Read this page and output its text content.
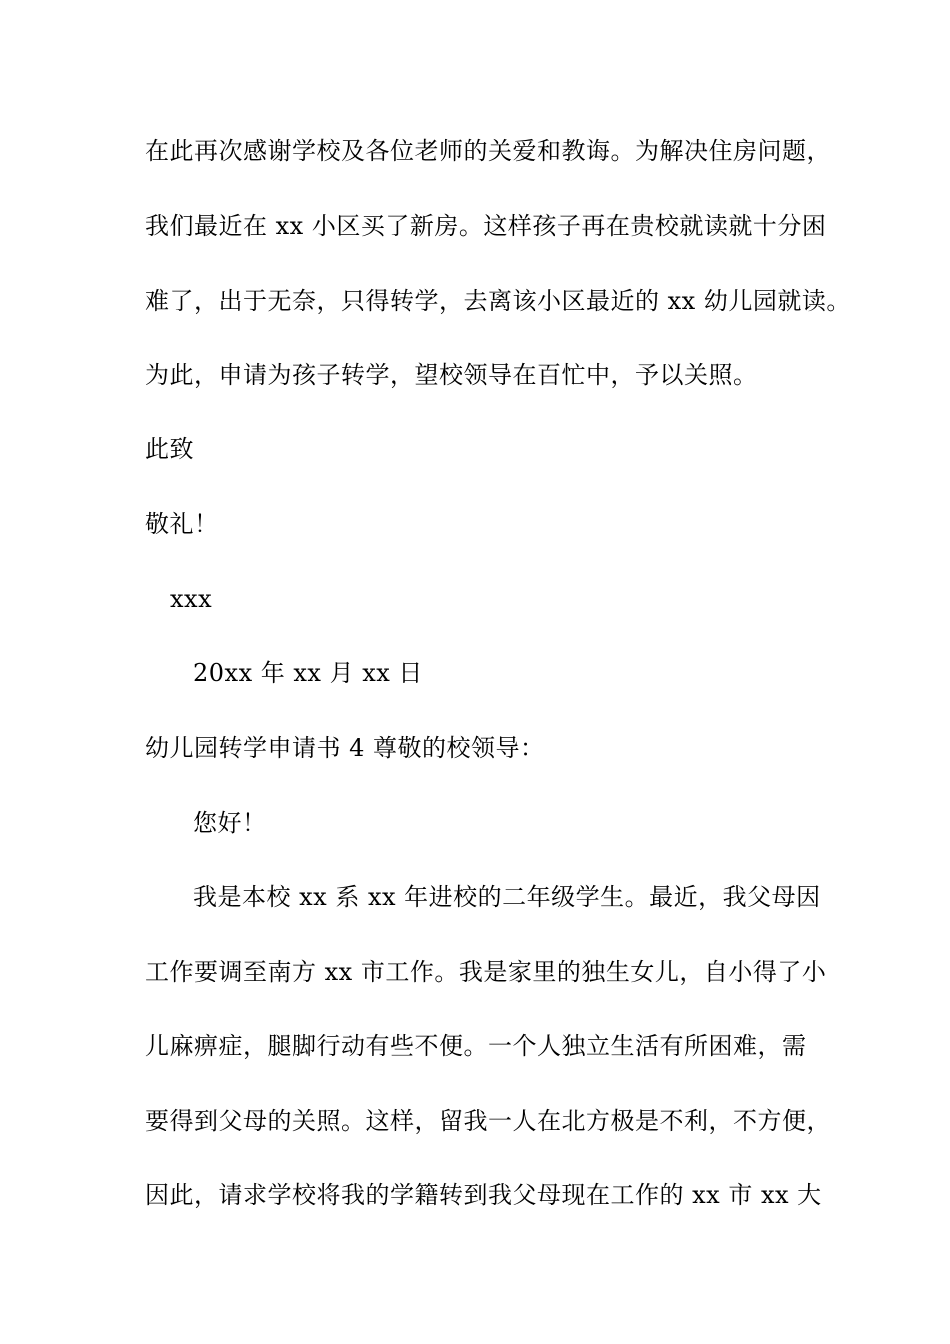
在此再次感谢学校及各位老师的关爱和教诲。为解决住房问题，
我们最近在 xx 小区买了新房。这样孩子再在贵校就读就十分困
难了，出于无奈，只得转学，去离该小区最近的 xx 幼儿园就读。
为此，申请为孩子转学，望校领导在百忙中，予以关照。
此致
敬礼！
xxx
20xx 年 xx 月 xx 日
幼儿园转学申请书 4 尊敬的校领导：
您好！
我是本校 xx 系 xx 年进校的二年级学生。最近，我父母因
工作要调至南方 xx 市工作。我是家里的独生女儿，自小得了小
儿麻痹症，腿脚行动有些不便。一个人独立生活有所困难，需
要得到父母的关照。这样，留我一人在北方极是不利，不方便，
因此，请求学校将我的学籍转到我父母现在工作的 xx 市 xx 大
